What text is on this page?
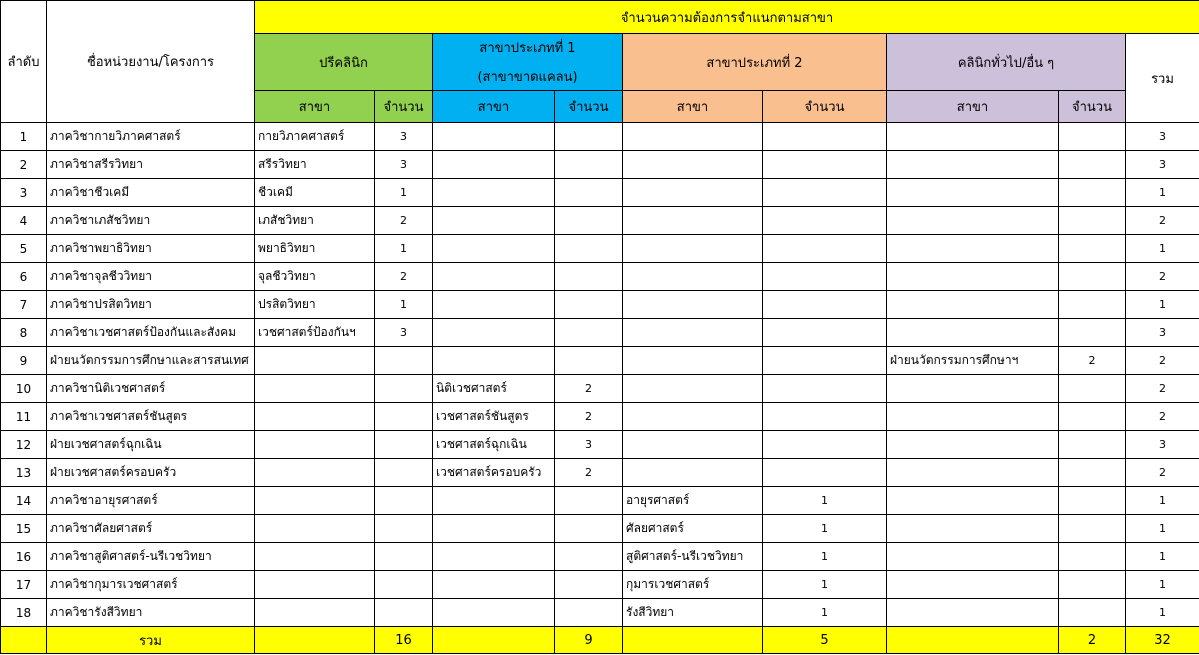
ลำดับ	ชื่อหน่วยงาน/โครงการ	จำนวนความต้องการจำแนกตามสาขา								
		ปรีคลินิก		สาขาประเภทที่ 1
(สาขาขาดแคลน)		สาขาประเภทที่ 2		คลินิกทั่วไป/อื่น ๆ		รวม
		สาขา	จำนวน	สาขา	จำนวน	สาขา	จำนวน	สาขา	จำนวน	
1	ภาควิชากายวิภาคศาสตร์	กายวิภาคศาสตร์	3							3
2	ภาควิชาสรีรวิทยา	สรีรวิทยา	3							3
3	ภาควิชาชีวเคมี	ชีวเคมี	1							1
4	ภาควิชาเภสัชวิทยา	เภสัชวิทยา	2							2
5	ภาควิชาพยาธิวิทยา	พยาธิวิทยา	1							1
6	ภาควิชาจุลชีววิทยา	จุลชีววิทยา	2							2
7	ภาควิชาปรสิตวิทยา	ปรสิตวิทยา	1							1
8	ภาควิชาเวชศาสตร์ป้องกันและสังคม	เวชศาสตร์ป้องกันฯ	3							3
9	ฝ่ายนวัตกรรมการศึกษาและสารสนเทศ							ฝ่ายนวัตกรรมการศึกษาฯ	2	2
10	ภาควิชานิติเวชศาสตร์			นิติเวชศาสตร์	2					2
11	ภาควิชาเวชศาสตร์ชันสูตร			เวชศาสตร์ชันสูตร	2					2
12	ฝ่ายเวชศาสตร์ฉุกเฉิน			เวชศาสตร์ฉุกเฉิน	3					3
13	ฝ่ายเวชศาสตร์ครอบครัว			เวชศาสตร์ครอบครัว	2					2
14	ภาควิชาอายุรศาสตร์					อายุรศาสตร์	1			1
15	ภาควิชาศัลยศาสตร์					ศัลยศาสตร์	1			1
16	ภาควิชาสูติศาสตร์-นรีเวชวิทยา					สูติศาสตร์-นรีเวชวิทยา	1			1
17	ภาควิชากุมารเวชศาสตร์					กุมารเวชศาสตร์	1			1
18	ภาควิชารังสีวิทยา					รังสีวิทยา	1			1
	รวม		16		9		5		2	32
